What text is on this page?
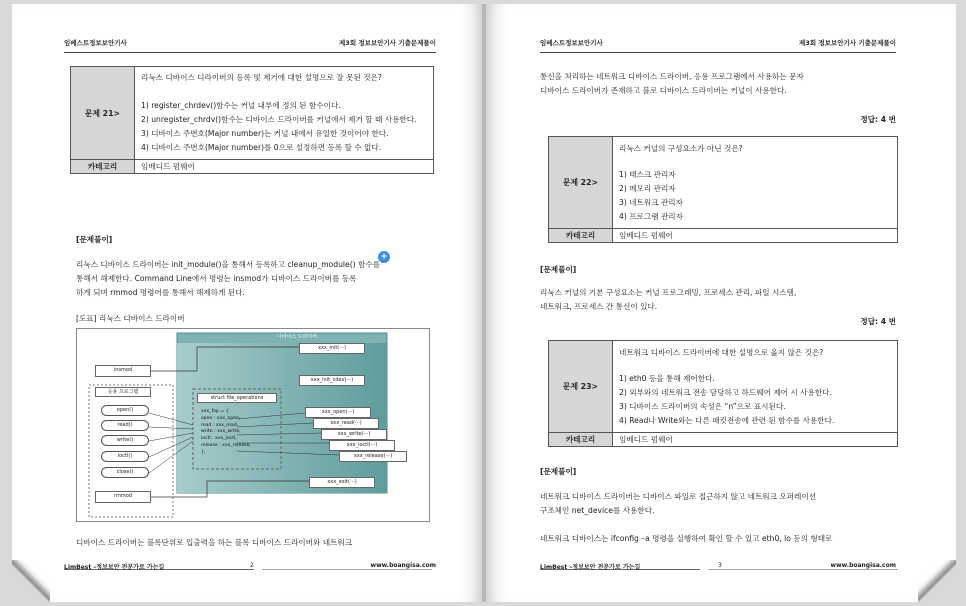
임베스트정보보안기사	제3회 정보보안기사 기출문제풀이
문제 21>	리눅스 디바이스 디라이버의 등록 및 제거에 대한 설명으로 잘 못된 것은?
1) register_chrdev()함수는 커널 내부에 정의 된 함수이다.
2) unregister_chrdv()함수는 디바이스 드라이버를 커널에서 제거 할 때 사용한다.
3) 디바이스 주번호(Major number)는 커널 내에서 유일한 것이어야 한다.
4) 디바이스 주번호(Major number)를 0으로 설정하면 등록 할 수 없다.

카테고리	임베디드 펌웨어
[문제풀이]
+
리눅스 디바이스 드라이버는 init_module()을 통해서 등록하고 cleanup_module() 함수를
통해서 해제한다. Command Line에서 명령는 insmod가 디바이스 드라이버를 등록
하게 되며 rmmod 명령어를 통해서 해제하게 된다.
[도표] 리눅스 디바이스 드라이버
디바이스 드라이버
insmod
rmmod
응용 프로그램
open()
read()
write()
ioctl()
close()
struct file_operations
xxx_fop = {
open : xxx_open,
read : xxx_read,
write : xxx_write,
ioctl : xxx_ioctl,
release : xxx_release,
};
xxx_init(···)
xxx_init_cdev(···)
xxx_open(···)
xxx_read(···)
xxx_write(···)
xxx_ioctl(···)
xxx_release(···)
xxx_exit(···)
디바이스 드라이버는 블록단위로 입출력을 하는 블록 디바이스 드라이버와 네트워크
LimBest –정보보안 전문가로 가는길	2	www.boangisa.com
임베스트정보보안기사	제3회 정보보안기사 기출문제풀이
통신을 처리하는 네트워크 디바이스 드라이버, 응용 프로그램에서 사용하는 문자
디바이스 드라이버가 존재하고 블로 디바이스 드라이버는 커널이 사용한다.
정답: 4 번
문제 22>	리눅스 커널의 구성요소가 아닌 것은?
1) 태스크 관리자
2) 메모리 관리자
3) 네트워크 관리자
4) 프로그램 관리자

카테고리	임베디드 펌웨어
[문제풀이]
리눅스 커널의 기본 구성요소는 커널 프로그래밍, 프로세스 관리, 파일 시스템,
네트워크, 프로세스 간 통신이 있다.
정답: 4 번
문제 23>	네트워크 디바이스 드라이버에 대한 설명으로 옳지 않은 것은?
1) eth0 등을 통해 제어한다.
2) 외부와의 네트워크 전송 담당하고 하드웨어 제어 시 사용한다.
3) 디바이스 드라이버의 속성은 “n”으로 표시된다.
4) Read나 Write와는 다른 패킷전송에 관련 된 함수를 사용한다.

카테고리	임베디드 펌웨어
[문제풀이]
네트워크 디바이스 드라이버는 디바이스 파일로 접근하지 않고 네트워크 오퍼레이션
구조체인 net_device를 사용한다.
네트워크 디바이스는 ifconfig –a 명령을 실행하여 확인 할 수 있고 eth0, lo 등의 형태로
LimBest –정보보안 전문가로 가는길	3	www.boangisa.com
